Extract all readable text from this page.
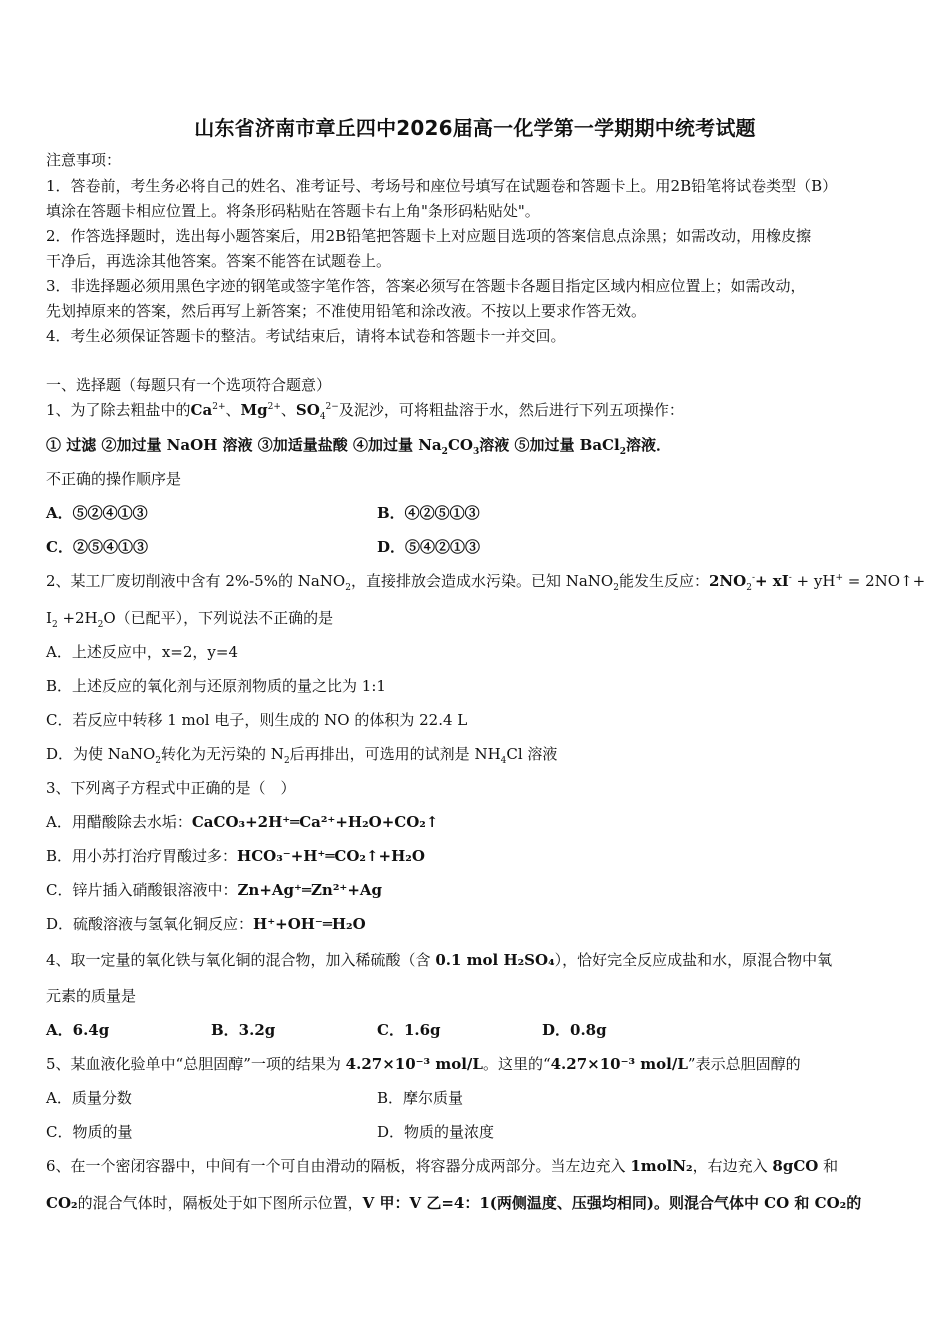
山东省济南市章丘四中2026届高一化学第一学期期中统考试题
注意事项：
1．答卷前，考生务必将自己的姓名、准考证号、考场号和座位号填写在试题卷和答题卡上。用2B铅笔将试卷类型（B）
填涂在答题卡相应位置上。将条形码粘贴在答题卡右上角"条形码粘贴处"。
2．作答选择题时，选出每小题答案后，用2B铅笔把答题卡上对应题目选项的答案信息点涂黑；如需改动，用橡皮擦
干净后，再选涂其他答案。答案不能答在试题卷上。
3．非选择题必须用黑色字迹的钢笔或签字笔作答，答案必须写在答题卡各题目指定区域内相应位置上；如需改动，
先划掉原来的答案，然后再写上新答案；不准使用铅笔和涂改液。不按以上要求作答无效。
4．考生必须保证答题卡的整洁。考试结束后，请将本试卷和答题卡一并交回。
一、选择题（每题只有一个选项符合题意）
1、为了除去粗盐中的$Ca^{2+}$、$Mg^{2+}$、$SO_4^{2-}$及泥沙，可将粗盐溶于水，然后进行下列五项操作：
① 过滤 ②加过量 NaOH 溶液 ③加适量盐酸 ④加过量 $Na_2CO_3$溶液 ⑤加过量 BaCl$_2$溶液．
不正确的操作顺序是
A．⑤②④①③	B．④②⑤①③
C．②⑤④①③	D．⑤④②①③
2、某工厂废切削液中含有 2%-5%的 NaNO$_2$，直接排放会造成水污染。已知 NaNO$_2$能发生反应：$2NO_2^-+ xI^- + yH^+$ = 2NO↑+
$I_2 +2H_2O$（已配平），下列说法不正确的是
A．上述反应中，x=2，y=4
B．上述反应的氧化剂与还原剂物质的量之比为 1:1
C．若反应中转移 1 mol 电子，则生成的 NO 的体积为 22.4 L
D．为使 NaNO$_2$转化为无污染的 $N_2$后再排出，可选用的试剂是 $NH_4Cl$ 溶液
3、下列离子方程式中正确的是（　）
A．用醋酸除去水垢：CaCO₃+2H⁺═Ca²⁺+H₂O+CO₂↑
B．用小苏打治疗胃酸过多：HCO₃⁻+H⁺═CO₂↑+H₂O
C．锌片插入硝酸银溶液中：Zn+Ag⁺═Zn²⁺+Ag
D．硫酸溶液与氢氧化铜反应：H⁺+OH⁻═H₂O
4、取一定量的氧化铁与氧化铜的混合物，加入稀硫酸（含 0.1 mol H₂SO₄），恰好完全反应成盐和水，原混合物中氧
元素的质量是
A．6.4g	B．3.2g	C．1.6g	D．0.8g
5、某血液化验单中“总胆固醇”一项的结果为 4.27×10⁻³ mol/L。这里的“4.27×10⁻³ mol/L”表示总胆固醇的
A．质量分数	B．摩尔质量
C．物质的量	D．物质的量浓度
6、在一个密闭容器中，中间有一个可自由滑动的隔板，将容器分成两部分。当左边充入 1molN₂，右边充入 8gCO 和
CO₂的混合气体时，隔板处于如下图所示位置，V 甲：V 乙=4：1(两侧温度、压强均相同)。则混合气体中 CO 和 CO₂的
